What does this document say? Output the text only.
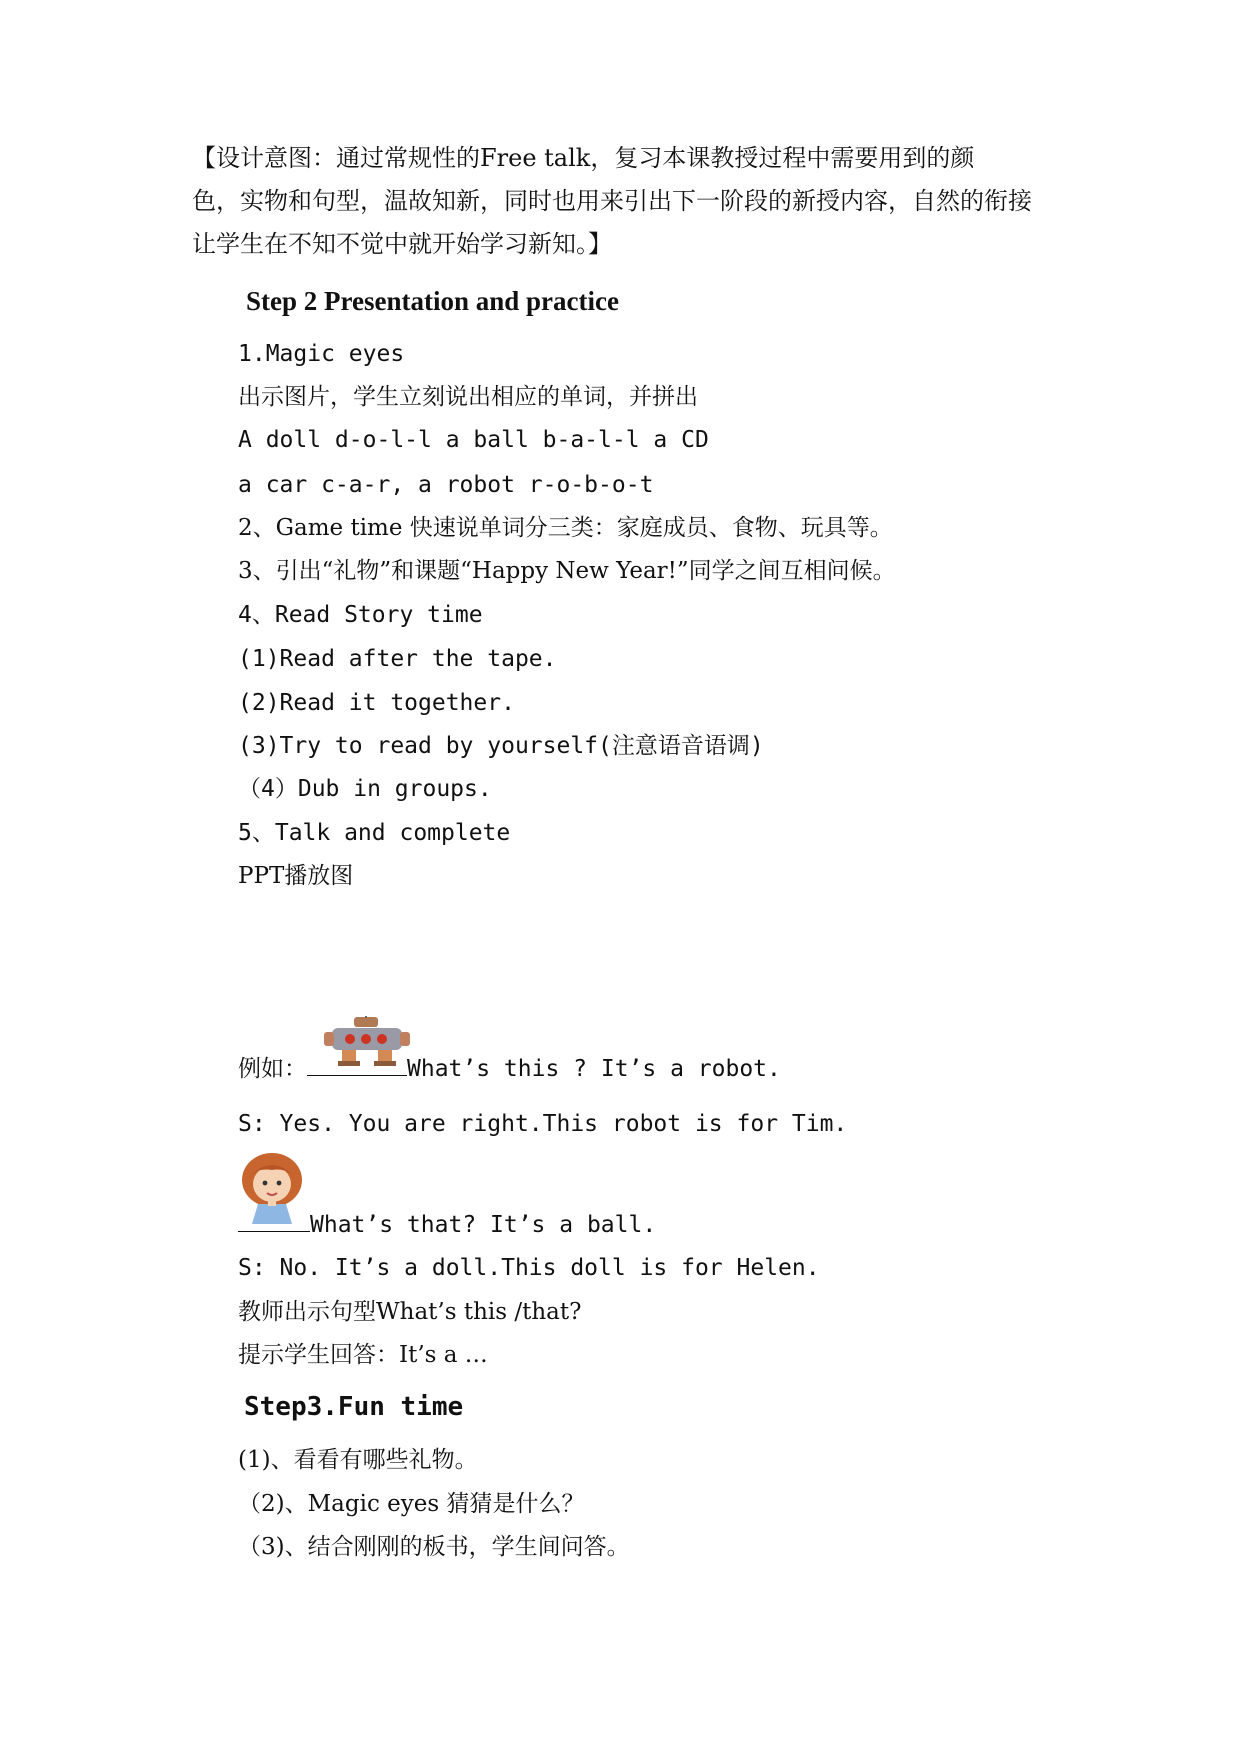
【设计意图：通过常规性的Free talk，复习本课教授过程中需要用到的颜
色，实物和句型，温故知新，同时也用来引出下一阶段的新授内容，自然的衔接
让学生在不知不觉中就开始学习新知。】
Step 2 Presentation and practice
1.Magic eyes
出示图片，学生立刻说出相应的单词，并拼出
A doll d-o-l-l a ball b-a-l-l a CD
a car c-a-r, a robot r-o-b-o-t
2、Game time 快速说单词分三类：家庭成员、食物、玩具等。
3、引出“礼物”和课题“Happy New Year!”同学之间互相问候。
4、Read Story time
(1)Read after the tape.
(2)Read it together.
(3)Try to read by yourself(注意语音语调)
（4）Dub in groups.
5、Talk and complete
PPT播放图
例如：	What’s this ? It’s a robot.
S: Yes. You are right.This robot is for Tim.
What’s that? It’s a ball.
S: No. It’s a doll.This doll is for Helen.
教师出示句型What’s this /that?
提示学生回答：It’s a …
Step3.Fun time
(1)、看看有哪些礼物。
（2)、Magic eyes 猜猜是什么？
（3)、结合刚刚的板书，学生间问答。
